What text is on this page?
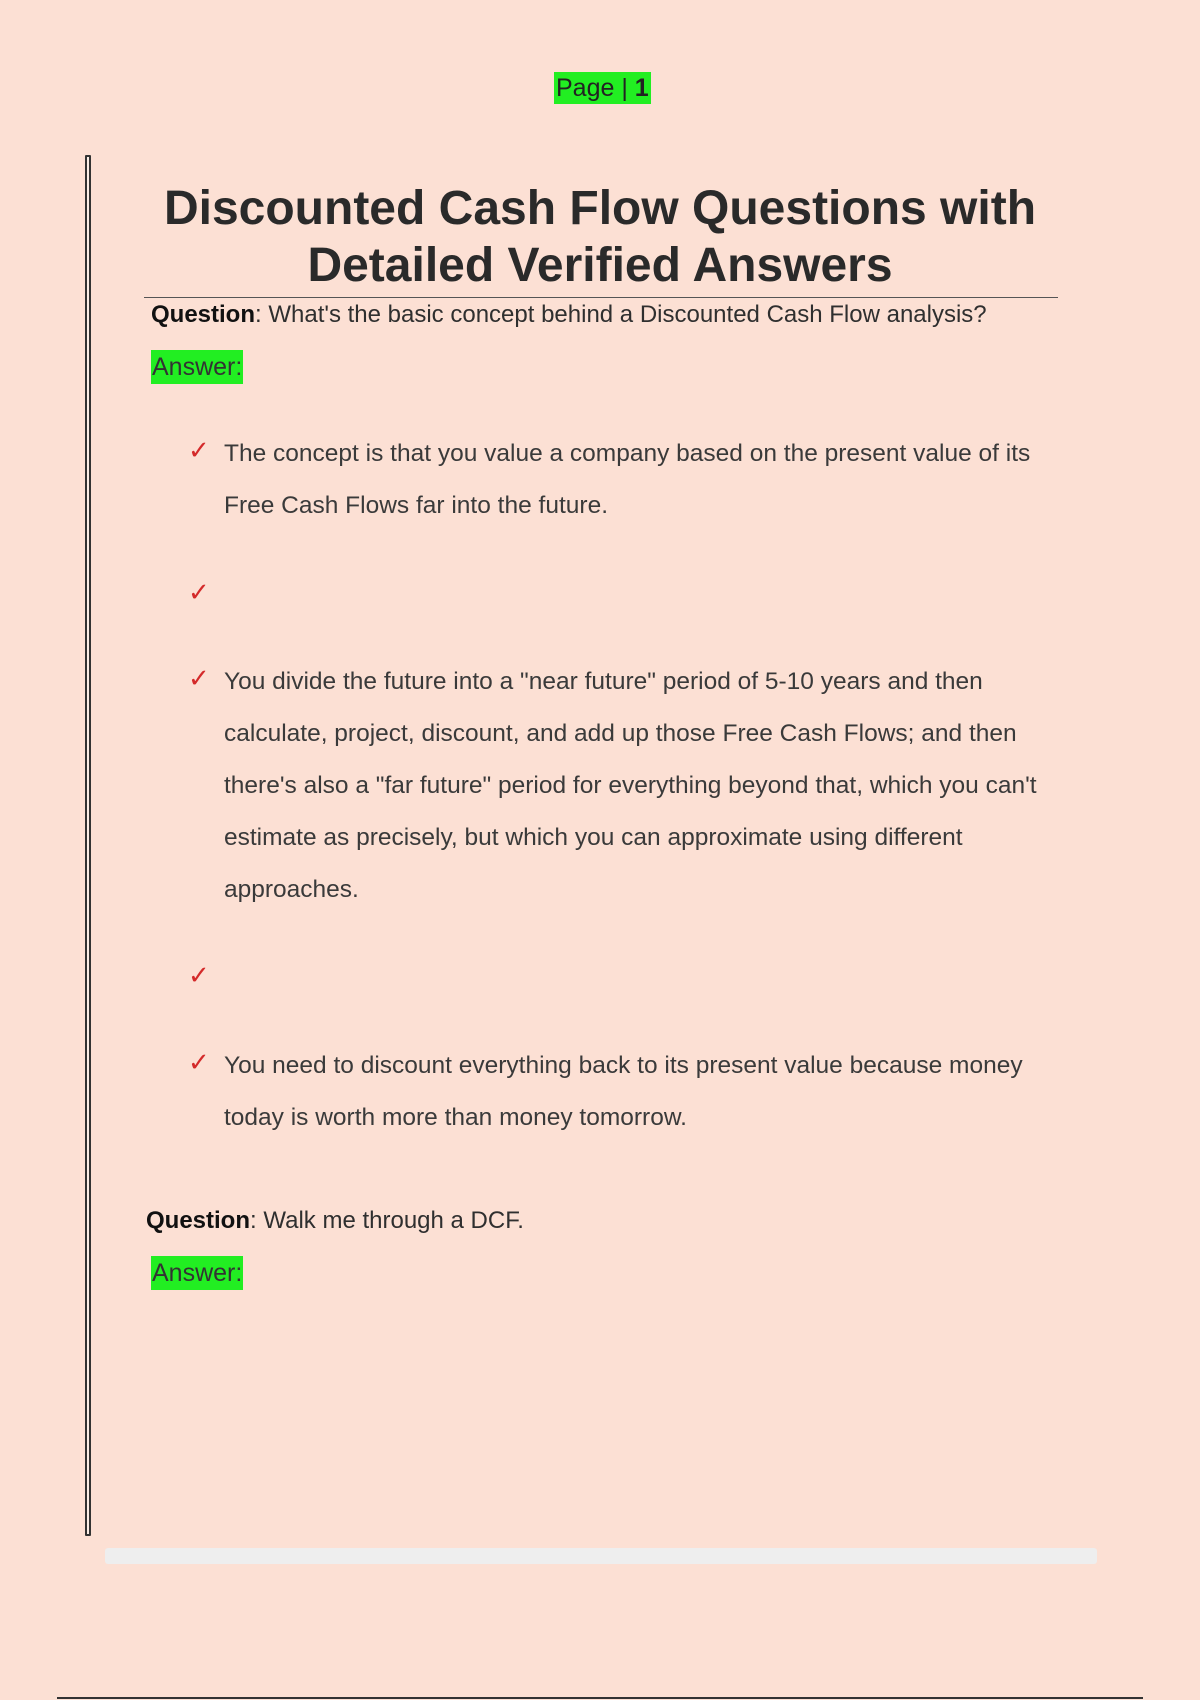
Page | 1
Discounted Cash Flow Questions with Detailed Verified Answers
Question: What's the basic concept behind a Discounted Cash Flow analysis?
Answer:
✓ The concept is that you value a company based on the present value of its Free Cash Flows far into the future.

✓

✓ You divide the future into a "near future" period of 5-10 years and then calculate, project, discount, and add up those Free Cash Flows; and then there's also a "far future" period for everything beyond that, which you can't estimate as precisely, but which you can approximate using different approaches.

✓

✓ You need to discount everything back to its present value because money today is worth more than money tomorrow.

Question: Walk me through a DCF.
Answer:
